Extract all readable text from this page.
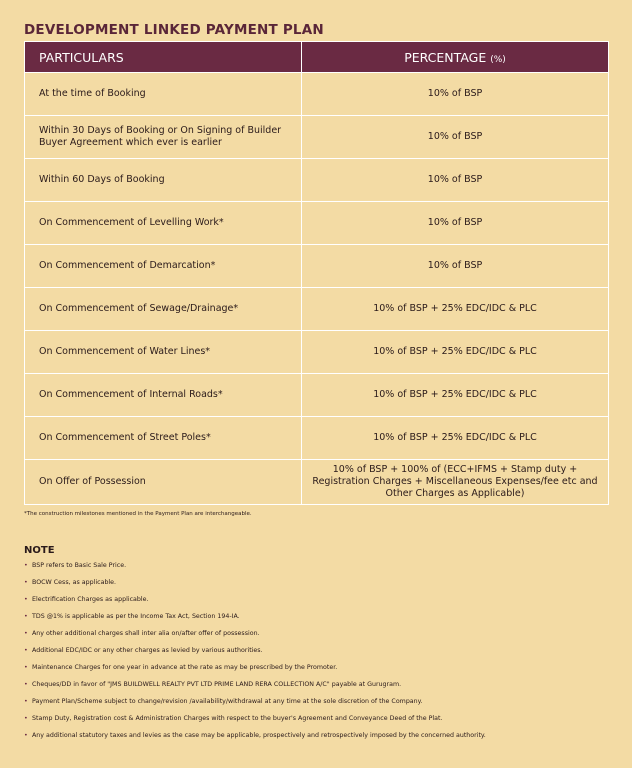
DEVELOPMENT LINKED PAYMENT PLAN
PARTICULARS	PERCENTAGE (%)
At the time of Booking	10% of BSP
Within 30 Days of Booking or On Signing of Builder Buyer Agreement which ever is earlier	10% of BSP
Within 60 Days of Booking	10% of BSP
On Commencement of Levelling Work*	10% of BSP
On Commencement of Demarcation*	10% of BSP
On Commencement of Sewage/Drainage*	10% of BSP + 25% EDC/IDC & PLC
On Commencement of Water Lines*	10% of BSP + 25% EDC/IDC & PLC
On Commencement of Internal Roads*	10% of BSP + 25% EDC/IDC & PLC
On Commencement of Street Poles*	10% of BSP + 25% EDC/IDC & PLC
On Offer of Possession	10% of BSP + 100% of (ECC+IFMS + Stamp duty + Registration Charges + Miscellaneous Expenses/fee etc and Other Charges as Applicable)
*The construction milestones mentioned in the Payment Plan are interchangeable.
NOTE
• BSP refers to Basic Sale Price.
• BOCW Cess, as applicable.
• Electrification Charges as applicable.
• TDS @1% is applicable as per the Income Tax Act, Section 194-IA.
• Any other additional charges shall inter alia on/after offer of possession.
• Additional EDC/IDC or any other charges as levied by various authorities.
• Maintenance Charges for one year in advance at the rate as may be prescribed by the Promoter.
• Cheques/DD in favor of "JMS BUILDWELL REALTY PVT LTD PRIME LAND RERA COLLECTION A/C" payable at Gurugram.
• Payment Plan/Scheme subject to change/revision /availability/withdrawal at any time at the sole discretion of the Company.
• Stamp Duty, Registration cost & Administration Charges with respect to the buyer's Agreement and Conveyance Deed of the Plat.
• Any additional statutory taxes and levies as the case may be applicable, prospectively and retrospectively imposed by the concerned authority.
